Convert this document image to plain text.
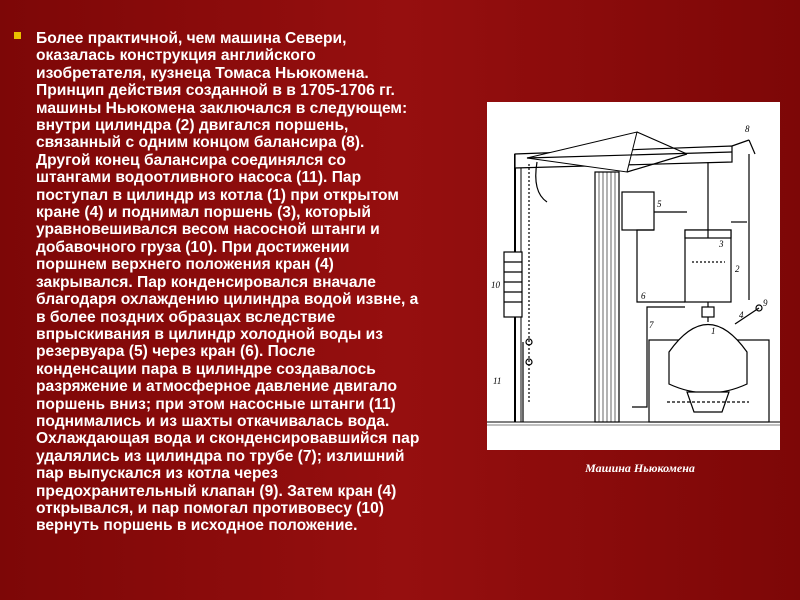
Более практичной, чем машина Севери,
оказалась конструкция английского
изобретателя, кузнеца Томаса Ньюкомена.
Принцип действия созданной в в 1705-1706 гг.
машины Ньюкомена заключался в следующем:
внутри цилиндра (2) двигался поршень,
связанный с одним концом балансира (8).
Другой конец балансира соединялся со
штангами водоотливного насоса (11). Пар
поступал в цилиндр из котла (1) при открытом
кране (4) и поднимал поршень (3), который
уравновешивался весом насосной штанги и
добавочного груза (10). При достижении
поршнем верхнего положения кран (4)
закрывался. Пар конденсировался вначале
благодаря охлаждению цилиндра водой извне, а
в более поздних образцах вследствие
впрыскивания в цилиндр холодной воды из
резервуара (5) через кран (6). После
конденсации пара в цилиндре создавалось
разряжение и атмосферное давление двигало
поршень вниз; при этом насосные штанги (11)
поднимались и из шахты откачивалась вода.
Охлаждающая вода и сконденсировавшийся пар
удалялись из цилиндра по трубе (7); излишний
пар выпускался из котла через
предохранительный клапан (9). Затем кран (4)
открывался, и пар помогал противовесу (10)
вернуть поршень в исходное положение.

1
2
3
4
5
6
7
8
9
10
11
Машина Ньюкомена
